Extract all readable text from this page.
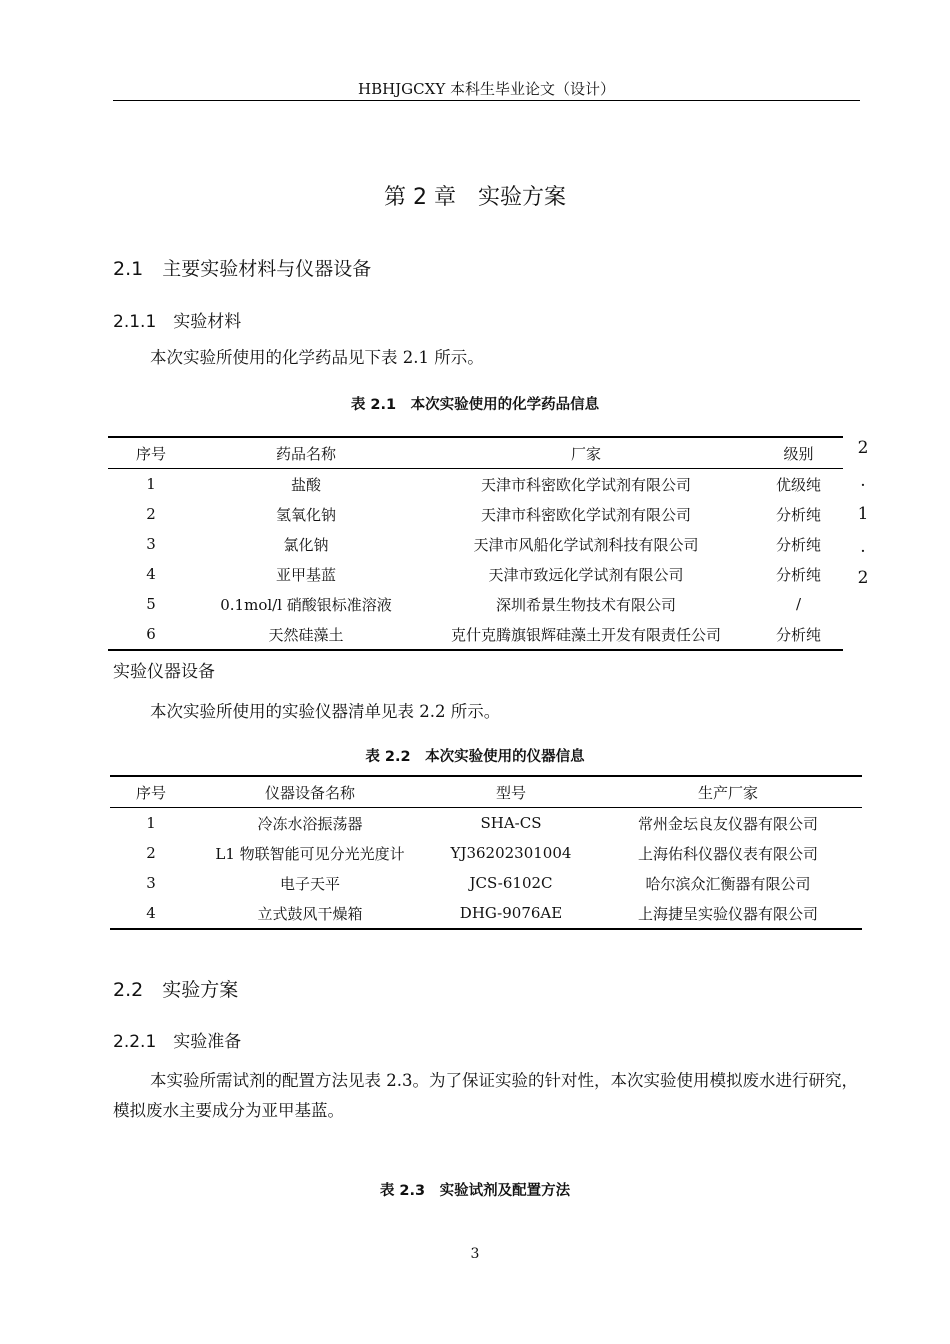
HBHJGCXY 本科生毕业论文（设计）
第 2 章　实验方案
2.1　主要实验材料与仪器设备
2.1.1　实验材料
本次实验所使用的化学药品见下表 2.1 所示。
表 2.1　本次实验使用的化学药品信息
序号	药品名称	厂家	级别
1	盐酸	天津市科密欧化学试剂有限公司	优级纯
2	氢氧化钠	天津市科密欧化学试剂有限公司	分析纯
3	氯化钠	天津市风船化学试剂科技有限公司	分析纯
4	亚甲基蓝	天津市致远化学试剂有限公司	分析纯
5	0.1mol/l 硝酸银标准溶液	深圳希景生物技术有限公司	/
6	天然硅藻土	克什克腾旗银辉硅藻土开发有限责任公司	分析纯
2
.
1
.
2
实验仪器设备
本次实验所使用的实验仪器清单见表 2.2 所示。
表 2.2　本次实验使用的仪器信息
序号	仪器设备名称	型号	生产厂家
1	冷冻水浴振荡器	SHA-CS	常州金坛良友仪器有限公司
2	L1 物联智能可见分光光度计	YJ36202301004	上海佑科仪器仪表有限公司
3	电子天平	JCS-6102C	哈尔滨众汇衡器有限公司
4	立式鼓风干燥箱	DHG-9076AE	上海捷呈实验仪器有限公司
2.2　实验方案
2.2.1　实验准备
本实验所需试剂的配置方法见表 2.3。为了保证实验的针对性，本次实验使用模拟废水进行研究，模拟废水主要成分为亚甲基蓝。
表 2.3　实验试剂及配置方法
3
